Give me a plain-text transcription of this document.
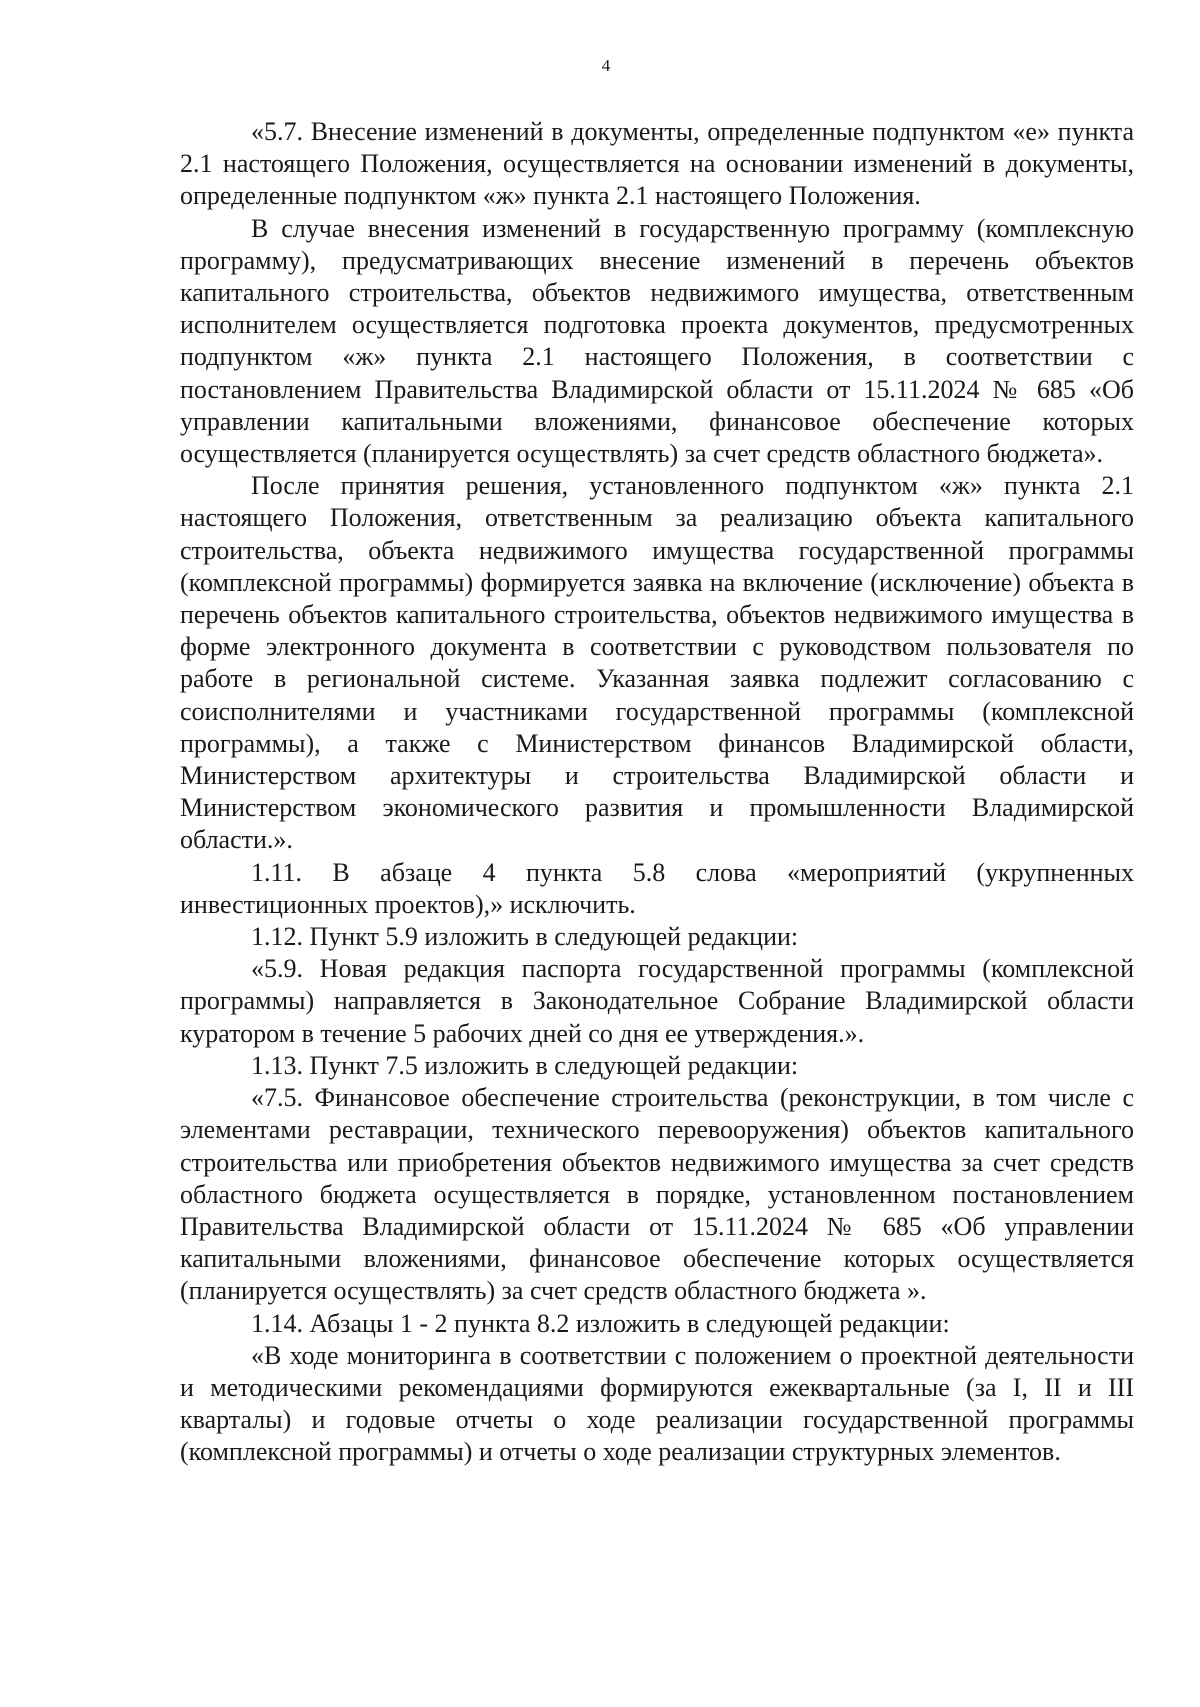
4

«5.7. Внесение изменений в документы, определенные подпунктом «е» пункта 2.1 настоящего Положения, осуществляется на основании изменений в документы, определенные подпунктом «ж» пункта 2.1 настоящего Положения.

В случае внесения изменений в государственную программу (комплексную программу), предусматривающих внесение изменений в перечень объектов капитального строительства, объектов недвижимого имущества, ответственным исполнителем осуществляется подготовка проекта документов, предусмотренных подпунктом «ж» пункта 2.1 настоящего Положения, в соответствии с постановлением Правительства Владимирской области от 15.11.2024 № 685 «Об управлении капитальными вложениями, финансовое обеспечение которых осуществляется (планируется осуществлять) за счет средств областного бюджета».

После принятия решения, установленного подпунктом «ж» пункта 2.1 настоящего Положения, ответственным за реализацию объекта капитального строительства, объекта недвижимого имущества государственной программы (комплексной программы) формируется заявка на включение (исключение) объекта в перечень объектов капитального строительства, объектов недвижимого имущества в форме электронного документа в соответствии с руководством пользователя по работе в региональной системе. Указанная заявка подлежит согласованию с соисполнителями и участниками государственной программы (комплексной программы), а также с Министерством финансов Владимирской области, Министерством архитектуры и строительства Владимирской области и Министерством экономического развития и промышленности Владимирской области.».

1.11. В абзаце 4 пункта 5.8 слова «мероприятий (укрупненных инвестиционных проектов),» исключить.

1.12. Пункт 5.9 изложить в следующей редакции:

«5.9. Новая редакция паспорта государственной программы (комплексной программы) направляется в Законодательное Собрание Владимирской области куратором в течение 5 рабочих дней со дня ее утверждения.».

1.13. Пункт 7.5 изложить в следующей редакции:

«7.5. Финансовое обеспечение строительства (реконструкции, в том числе с элементами реставрации, технического перевооружения) объектов капитального строительства или приобретения объектов недвижимого имущества за счет средств областного бюджета осуществляется в порядке, установленном постановлением Правительства Владимирской области от 15.11.2024 № 685 «Об управлении капитальными вложениями, финансовое обеспечение которых осуществляется (планируется осуществлять) за счет средств областного бюджета ».

1.14. Абзацы 1 - 2 пункта 8.2 изложить в следующей редакции:

«В ходе мониторинга в соответствии с положением о проектной деятельности и методическими рекомендациями формируются ежеквартальные (за I, II и III кварталы) и годовые отчеты о ходе реализации государственной программы (комплексной программы) и отчеты о ходе реализации структурных элементов.
